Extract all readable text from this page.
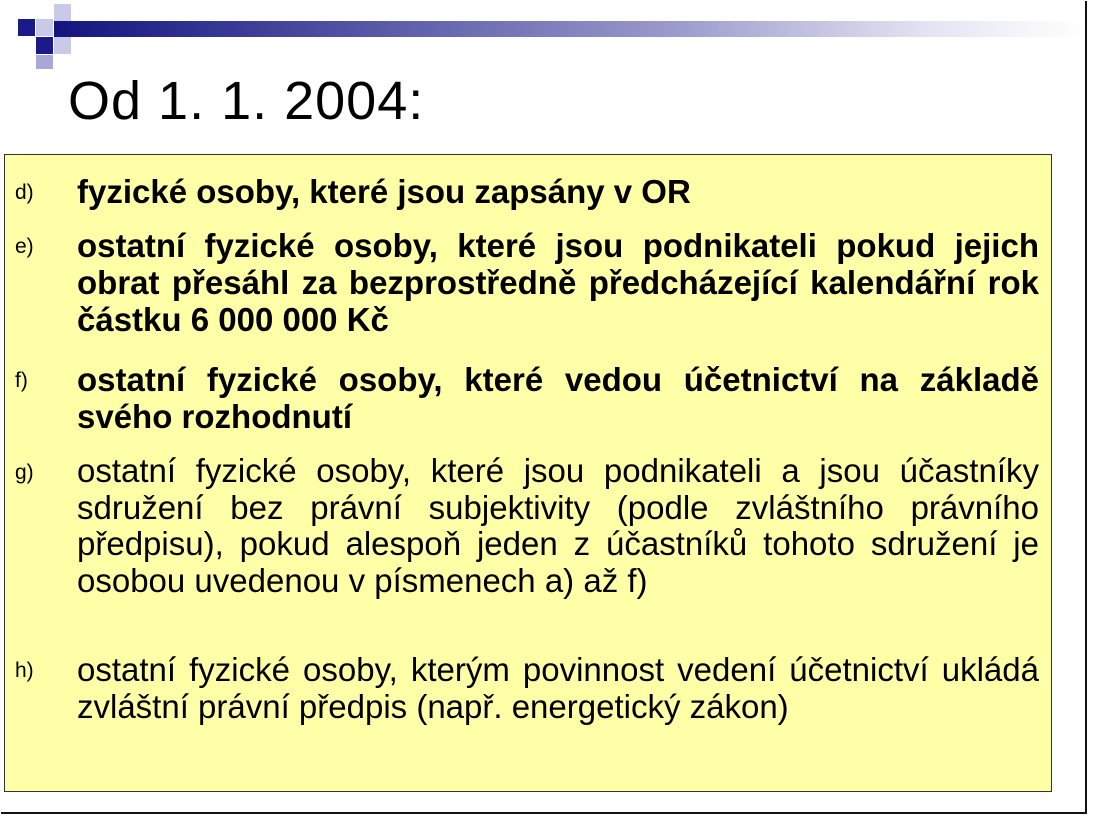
Od 1. 1. 2004:
d) fyzické osoby, které jsou zapsány v OR
e) ostatní fyzické osoby, které jsou podnikateli pokud jejich obrat přesáhl za bezprostředně předcházející kalendářní rok částku 6 000 000 Kč
f) ostatní fyzické osoby, které vedou účetnictví na základě svého rozhodnutí
g) ostatní fyzické osoby, které jsou podnikateli a jsou účastníky sdružení bez právní subjektivity (podle zvláštního právního předpisu), pokud alespoň jeden z účastníků tohoto sdružení je osobou uvedenou v písmenech a) až f)
h) ostatní fyzické osoby, kterým povinnost vedení účetnictví ukládá zvláštní právní předpis (např. energetický zákon)
